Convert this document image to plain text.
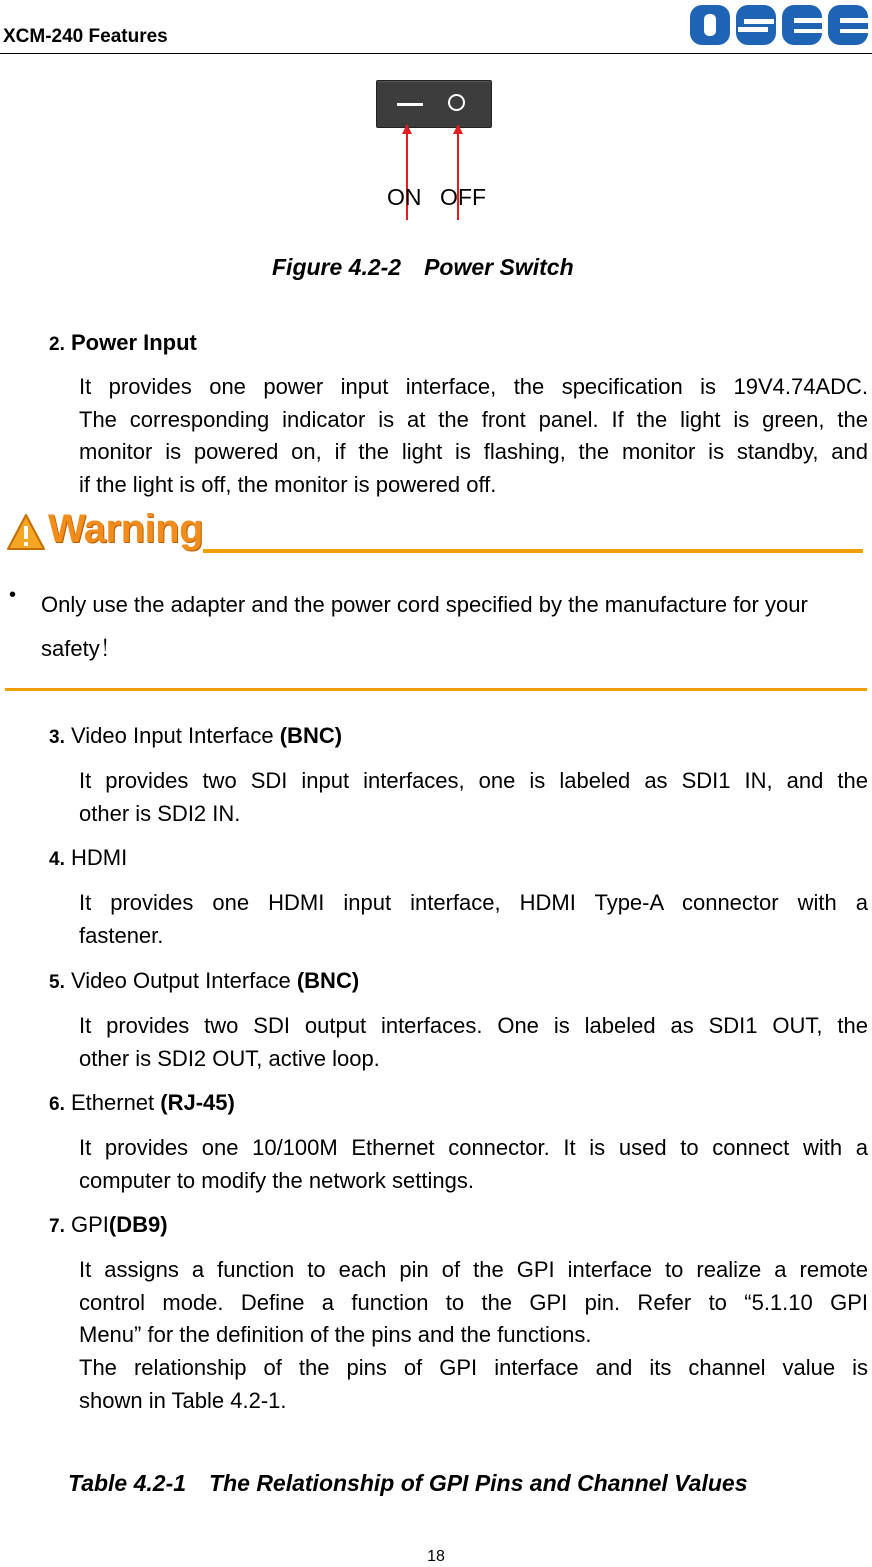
XCM-240 Features
ON OFF
Figure 4.2-2　Power Switch
2. Power Input
It provides one power input interface, the specification is 19V4.74ADC.
The corresponding indicator is at the front panel. If the light is green, the
monitor is powered on, if the light is flashing, the monitor is standby, and
if the light is off, the monitor is powered off.
Warning
• Only use the adapter and the power cord specified by the manufacture for your safety！
3. Video Input Interface (BNC)
It provides two SDI input interfaces, one is labeled as SDI1 IN, and the
other is SDI2 IN.
4. HDMI
It provides one HDMI input interface, HDMI Type-A connector with a
fastener.
5. Video Output Interface (BNC)
It provides two SDI output interfaces. One is labeled as SDI1 OUT, the
other is SDI2 OUT, active loop.
6. Ethernet (RJ-45)
It provides one 10/100M Ethernet connector. It is used to connect with a
computer to modify the network settings.
7. GPI(DB9)
It assigns a function to each pin of the GPI interface to realize a remote
control mode. Define a function to the GPI pin. Refer to “5.1.10 GPI
Menu” for the definition of the pins and the functions.
The relationship of the pins of GPI interface and its channel value is
shown in Table 4.2-1.
Table 4.2-1　The Relationship of GPI Pins and Channel Values
18
